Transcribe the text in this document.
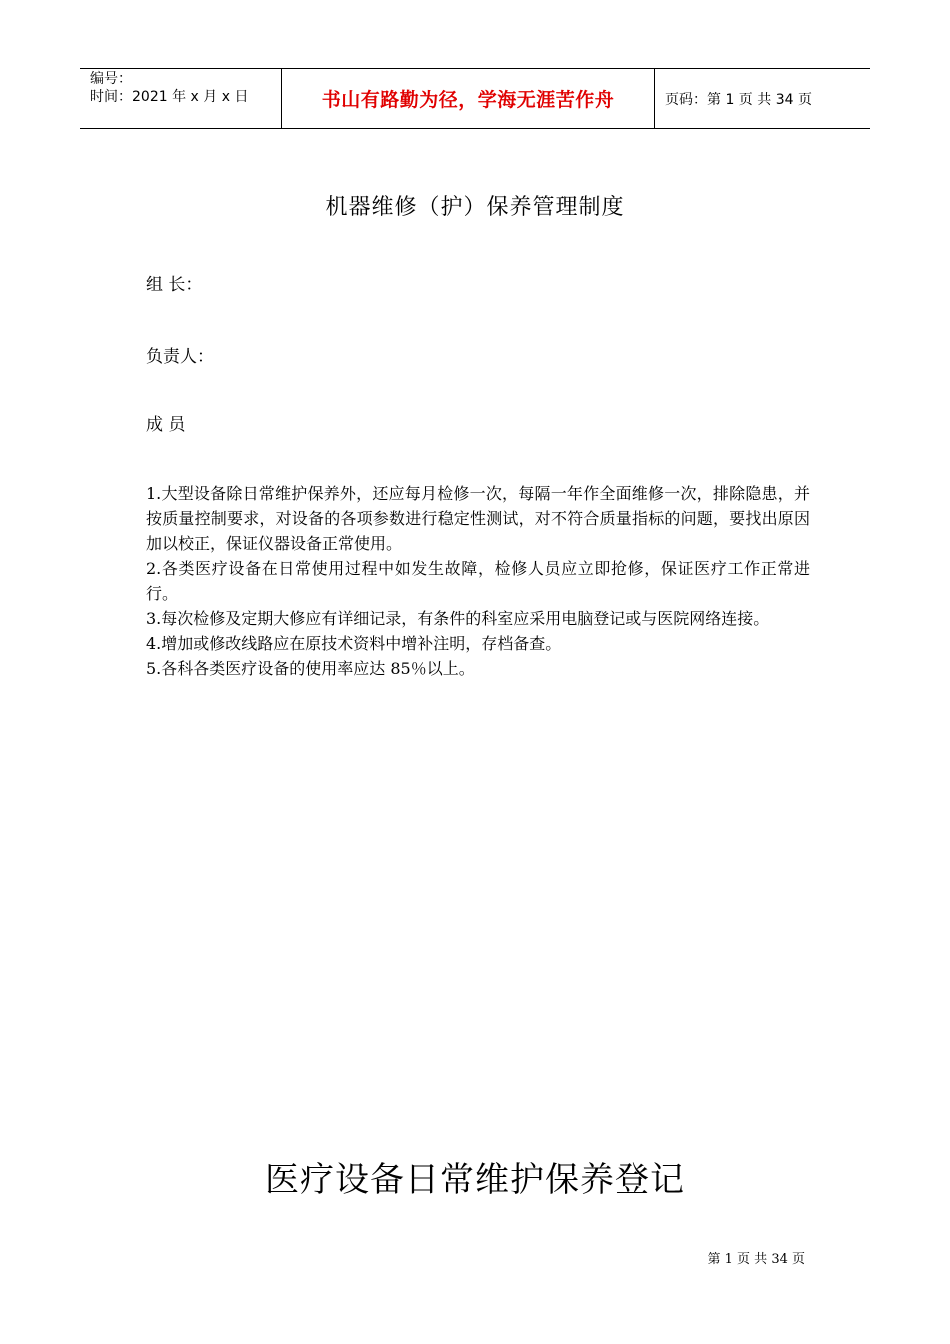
编号：
时间：2021 年 x 月 x 日	书山有路勤为径，学海无涯苦作舟	页码：第 1 页 共 34 页
机器维修（护）保养管理制度
组 长：
负责人：
成 员

1.大型设备除日常维护保养外，还应每月检修一次，每隔一年作全面维修一次，排除隐患，并按质量控制要求，对设备的各项参数进行稳定性测试，对不符合质量指标的问题，要找出原因加以校正，保证仪器设备正常使用。

2.各类医疗设备在日常使用过程中如发生故障，检修人员应立即抢修，保证医疗工作正常进行。

3.每次检修及定期大修应有详细记录，有条件的科室应采用电脑登记或与医院网络连接。

4.增加或修改线路应在原技术资料中增补注明，存档备查。

5.各科各类医疗设备的使用率应达 85％以上。

医疗设备日常维护保养登记
第 1 页 共 34 页
